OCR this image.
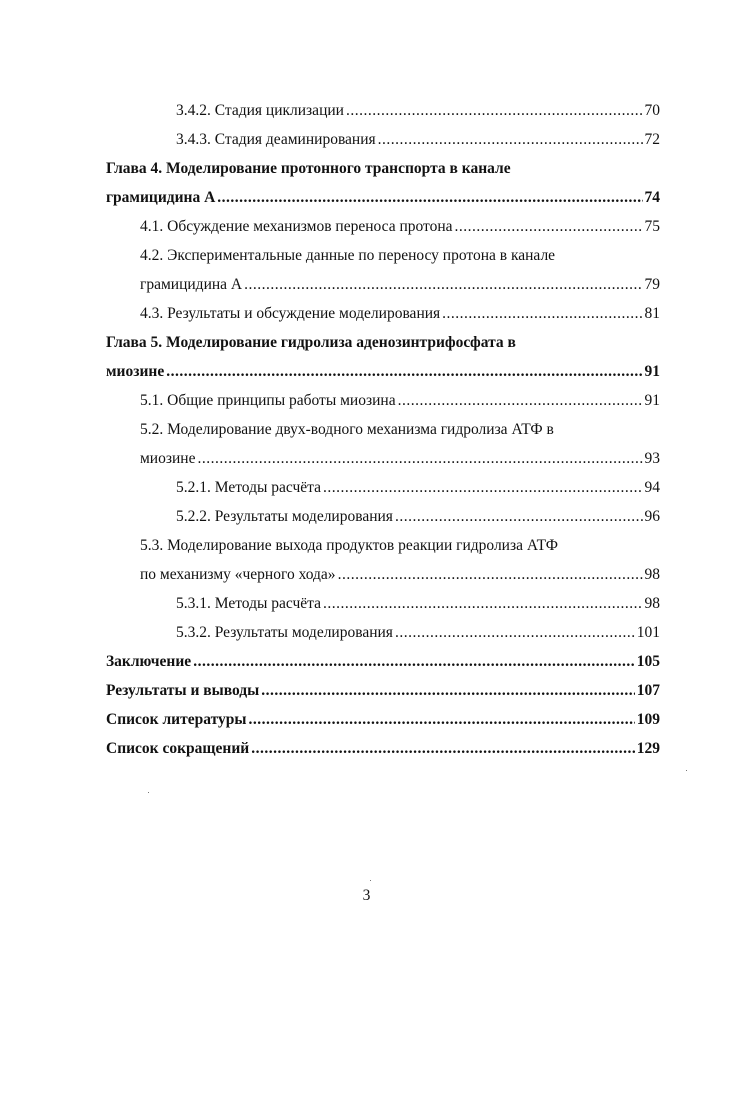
3.4.2. Стадия циклизации .....	70
3.4.3. Стадия деаминирования .....	72
Глава 4. Моделирование протонного транспорта в канале
грамицидина А .....	74
4.1. Обсуждение механизмов переноса протона .....	75
4.2. Экспериментальные данные по переносу протона в канале
грамицидина А .....	79
4.3. Результаты и обсуждение моделирования .....	81
Глава 5. Моделирование гидролиза аденозинтрифосфата в
миозине .....	91
5.1. Общие принципы работы миозина .....	91
5.2. Моделирование двух-водного механизма гидролиза АТФ в
миозине .....	93
5.2.1. Методы расчёта .....	94
5.2.2. Результаты моделирования .....	96
5.3. Моделирование выхода продуктов реакции гидролиза АТФ
по механизму «черного хода» .....	98
5.3.1. Методы расчёта .....	98
5.3.2. Результаты моделирования .....	101
Заключение .....	105
Результаты и выводы .....	107
Список литературы .....	109
Список сокращений .....	129
3
